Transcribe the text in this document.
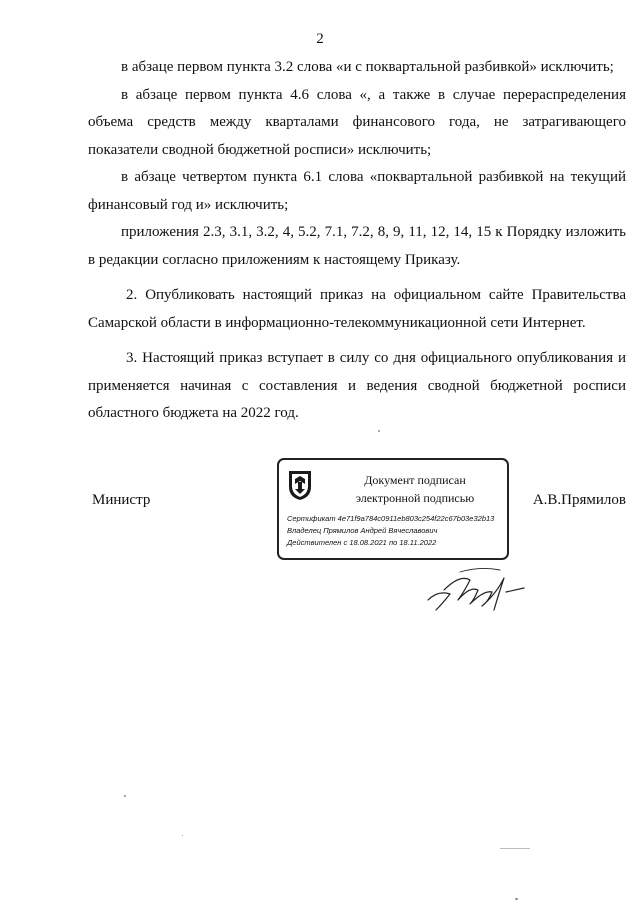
2

в абзаце первом пункта 3.2 слова «и с поквартальной разбивкой» исключить;

в абзаце первом пункта 4.6 слова «, а также в случае перераспределения объема средств между кварталами финансового года, не затрагивающего показатели сводной бюджетной росписи» исключить;

в абзаце четвертом пункта 6.1 слова «поквартальной разбивкой на текущий финансовый год и» исключить;

приложения 2.3, 3.1, 3.2, 4, 5.2, 7.1, 7.2, 8, 9, 11, 12, 14, 15 к Порядку изложить в редакции согласно приложениям к настоящему Приказу.

2. Опубликовать настоящий приказ на официальном сайте Правительства Самарской области в информационно-телекоммуникационной сети Интернет.

3. Настоящий приказ вступает в силу со дня официального опубликования и применяется начиная с составления и ведения сводной бюджетной росписи областного бюджета на 2022 год.

Министр
Документ подписан
электронной подписью
Сертификат 4e71f9a784c0911eb803c254f22c67b03e32b13
Владелец Прямилов Андрей Вячеславович
Действителен с 18.08.2021 по 18.11.2022
А.В.Прямилов
